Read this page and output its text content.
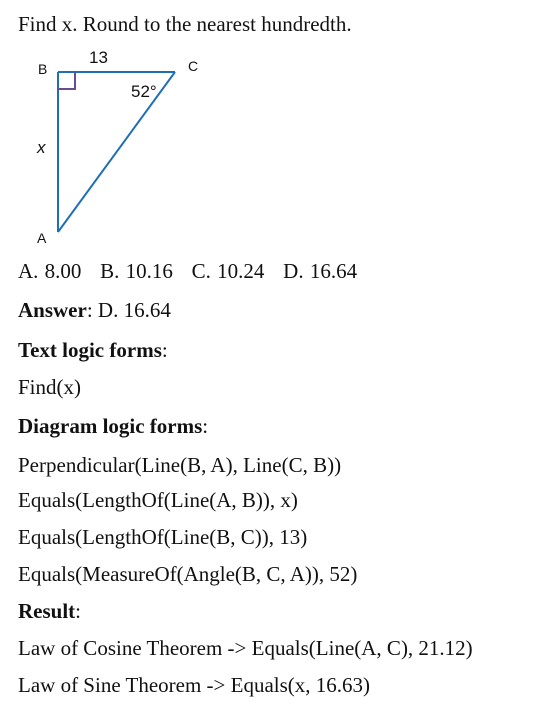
Find x. Round to the nearest hundredth.

B	C
A
13
52°
x

A. 8.00   B. 10.16   C. 10.24   D. 16.64

Answer: D. 16.64

Text logic forms:

Find(x)

Diagram logic forms:

Perpendicular(Line(B, A), Line(C, B))

Equals(LengthOf(Line(A, B)), x)

Equals(LengthOf(Line(B, C)), 13)

Equals(MeasureOf(Angle(B, C, A)), 52)

Result:

Law of Cosine Theorem -> Equals(Line(A, C), 21.12)

Law of Sine Theorem -> Equals(x, 16.63)
